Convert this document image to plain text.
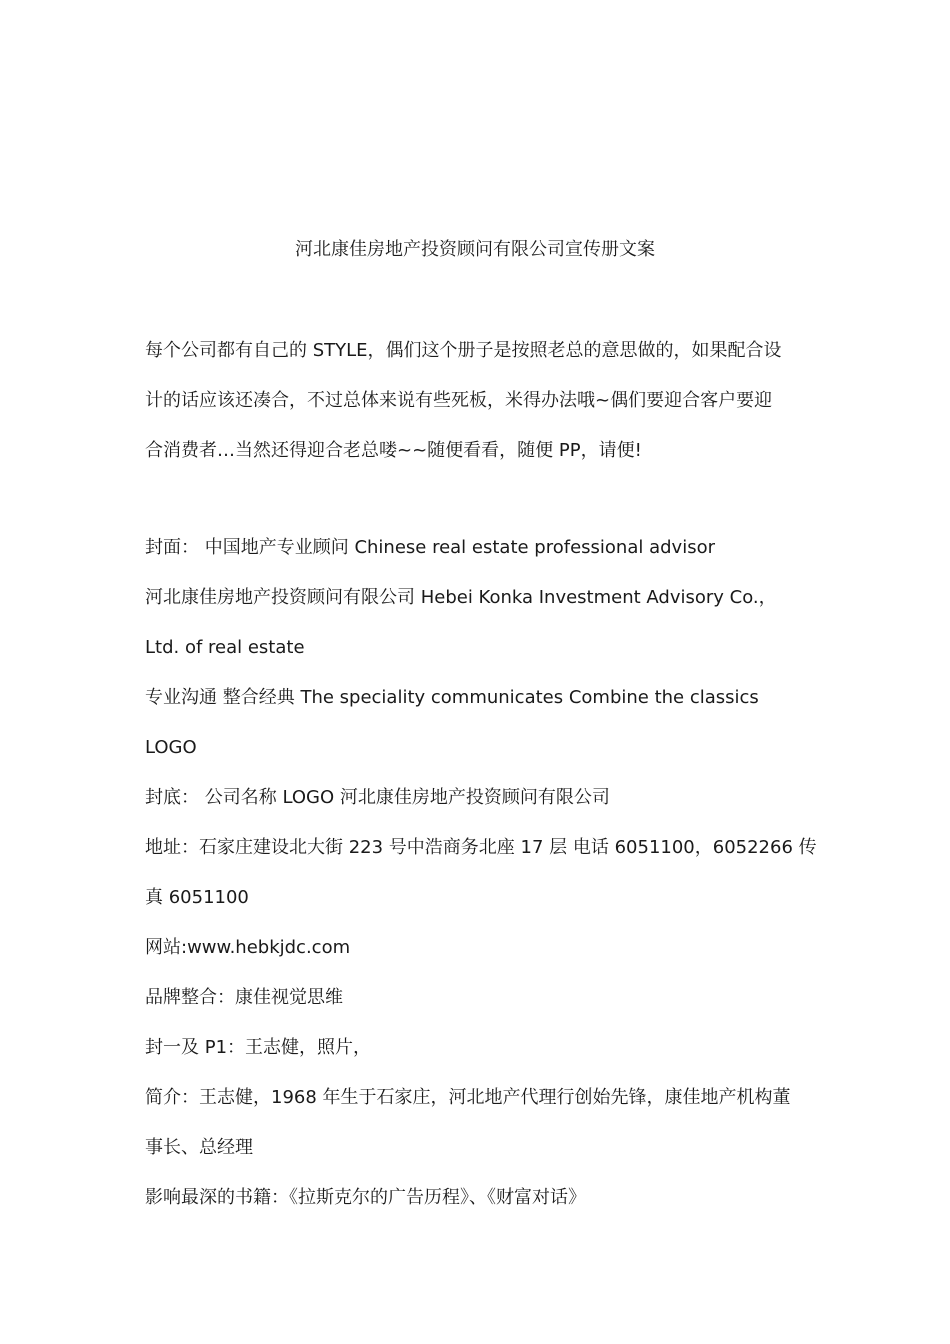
河北康佳房地产投资顾问有限公司宣传册文案
每个公司都有自己的 STYLE，偶们这个册子是按照老总的意思做的，如果配合设
计的话应该还凑合，不过总体来说有些死板，米得办法哦~偶们要迎合客户要迎
合消费者…当然还得迎合老总喽~~随便看看，随便 PP，请便!
封面： 中国地产专业顾问 Chinese real estate professional advisor
河北康佳房地产投资顾问有限公司 Hebei Konka Investment Advisory Co.，
Ltd. of real estate
专业沟通 整合经典 The speciality communicates Combine the classics
LOGO
封底： 公司名称 LOGO 河北康佳房地产投资顾问有限公司
地址：石家庄建设北大街 223 号中浩商务北座 17 层 电话 6051100，6052266 传
真 6051100
网站:www.hebkjdc.com
品牌整合：康佳视觉思维
封一及 P1：王志健，照片，
简介：王志健，1968 年生于石家庄，河北地产代理行创始先锋，康佳地产机构董
事长、总经理
影响最深的书籍：《拉斯克尔的广告历程》、《财富对话》
